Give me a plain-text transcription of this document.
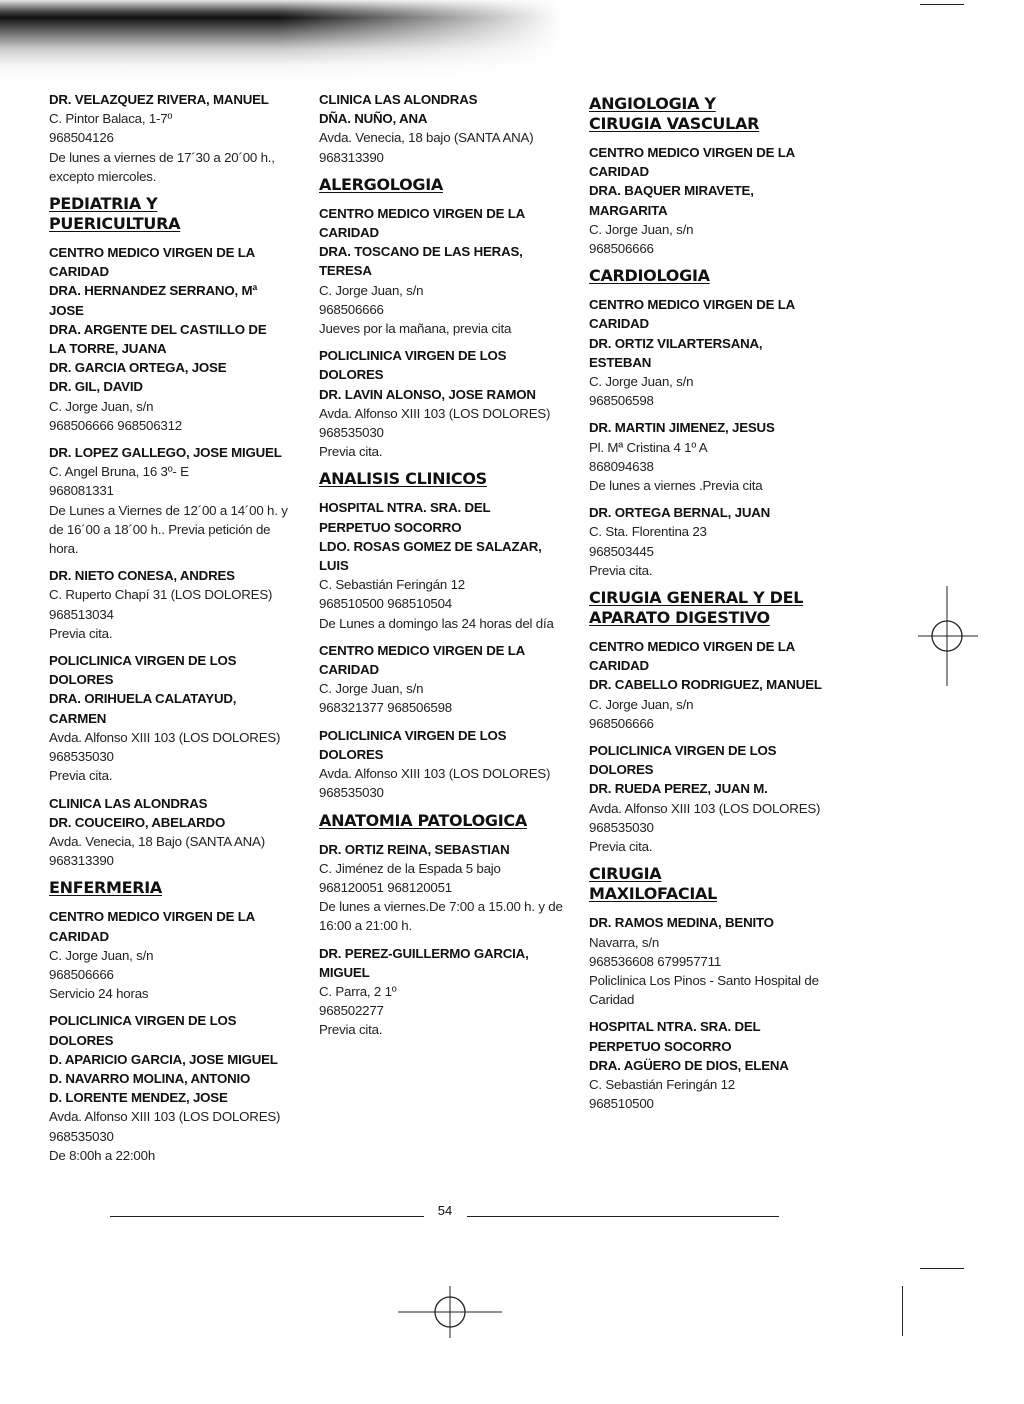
DR. VELAZQUEZ RIVERA, MANUEL
C. Pintor Balaca, 1-7º
968504126
De lunes a viernes de 17´30 a 20´00 h.,
excepto miercoles.
PEDIATRIA Y
PUERICULTURA
CENTRO MEDICO VIRGEN DE LA
CARIDAD
DRA. HERNANDEZ SERRANO, Mª
JOSE
DRA. ARGENTE DEL CASTILLO DE
LA TORRE, JUANA
DR. GARCIA ORTEGA, JOSE
DR. GIL, DAVID
C. Jorge Juan, s/n
968506666 968506312
DR. LOPEZ GALLEGO, JOSE MIGUEL
C. Angel Bruna, 16 3º- E
968081331
De Lunes a Viernes de 12´00 a 14´00 h. y
de 16´00 a 18´00 h.. Previa petición de
hora.
DR. NIETO CONESA, ANDRES
C. Ruperto Chapí 31 (LOS DOLORES)
968513034
Previa cita.
POLICLINICA VIRGEN DE LOS
DOLORES
DRA. ORIHUELA CALATAYUD,
CARMEN
Avda. Alfonso XIII 103 (LOS DOLORES)
968535030
Previa cita.
CLINICA LAS ALONDRAS
DR. COUCEIRO, ABELARDO
Avda. Venecia, 18 Bajo (SANTA ANA)
968313390
ENFERMERIA
CENTRO MEDICO VIRGEN DE LA
CARIDAD
C. Jorge Juan, s/n
968506666
Servicio 24 horas
POLICLINICA VIRGEN DE LOS
DOLORES
D. APARICIO GARCIA, JOSE MIGUEL
D. NAVARRO MOLINA, ANTONIO
D. LORENTE MENDEZ, JOSE
Avda. Alfonso XIII 103 (LOS DOLORES)
968535030
De 8:00h a 22:00h
CLINICA LAS ALONDRAS
DÑA. NUÑO, ANA
Avda. Venecia, 18 bajo (SANTA ANA)
968313390
ALERGOLOGIA
CENTRO MEDICO VIRGEN DE LA
CARIDAD
DRA. TOSCANO DE LAS HERAS,
TERESA
C. Jorge Juan, s/n
968506666
Jueves por la mañana, previa cita
POLICLINICA VIRGEN DE LOS
DOLORES
DR. LAVIN ALONSO, JOSE RAMON
Avda. Alfonso XIII 103 (LOS DOLORES)
968535030
Previa cita.
ANALISIS CLINICOS
HOSPITAL NTRA. SRA. DEL
PERPETUO SOCORRO
LDO. ROSAS GOMEZ DE SALAZAR,
LUIS
C. Sebastián Feringán 12
968510500 968510504
De Lunes a domingo las 24 horas del día
CENTRO MEDICO VIRGEN DE LA
CARIDAD
C. Jorge Juan, s/n
968321377 968506598
POLICLINICA VIRGEN DE LOS
DOLORES
Avda. Alfonso XIII 103 (LOS DOLORES)
968535030
ANATOMIA PATOLOGICA
DR. ORTIZ REINA, SEBASTIAN
C. Jiménez de la Espada 5 bajo
968120051 968120051
De lunes a viernes.De 7:00 a 15.00 h. y de
16:00 a 21:00 h.
DR. PEREZ-GUILLERMO GARCIA,
MIGUEL
C. Parra, 2 1º
968502277
Previa cita.
ANGIOLOGIA Y
CIRUGIA VASCULAR
CENTRO MEDICO VIRGEN DE LA
CARIDAD
DRA. BAQUER MIRAVETE,
MARGARITA
C. Jorge Juan, s/n
968506666
CARDIOLOGIA
CENTRO MEDICO VIRGEN DE LA
CARIDAD
DR. ORTIZ VILARTERSANA,
ESTEBAN
C. Jorge Juan, s/n
968506598
DR. MARTIN JIMENEZ, JESUS
Pl. Mª Cristina 4 1º A
868094638
De lunes a viernes .Previa cita
DR. ORTEGA BERNAL, JUAN
C. Sta. Florentina 23
968503445
Previa cita.
CIRUGIA GENERAL Y DEL
APARATO DIGESTIVO
CENTRO MEDICO VIRGEN DE LA
CARIDAD
DR. CABELLO RODRIGUEZ, MANUEL
C. Jorge Juan, s/n
968506666
POLICLINICA VIRGEN DE LOS
DOLORES
DR. RUEDA PEREZ, JUAN M.
Avda. Alfonso XIII 103 (LOS DOLORES)
968535030
Previa cita.
CIRUGIA
MAXILOFACIAL
DR. RAMOS MEDINA, BENITO
Navarra, s/n
968536608 679957711
Policlinica Los Pinos - Santo Hospital de
Caridad
HOSPITAL NTRA. SRA. DEL
PERPETUO SOCORRO
DRA. AGÜERO DE DIOS, ELENA
C. Sebastián Feringán 12
968510500
54
